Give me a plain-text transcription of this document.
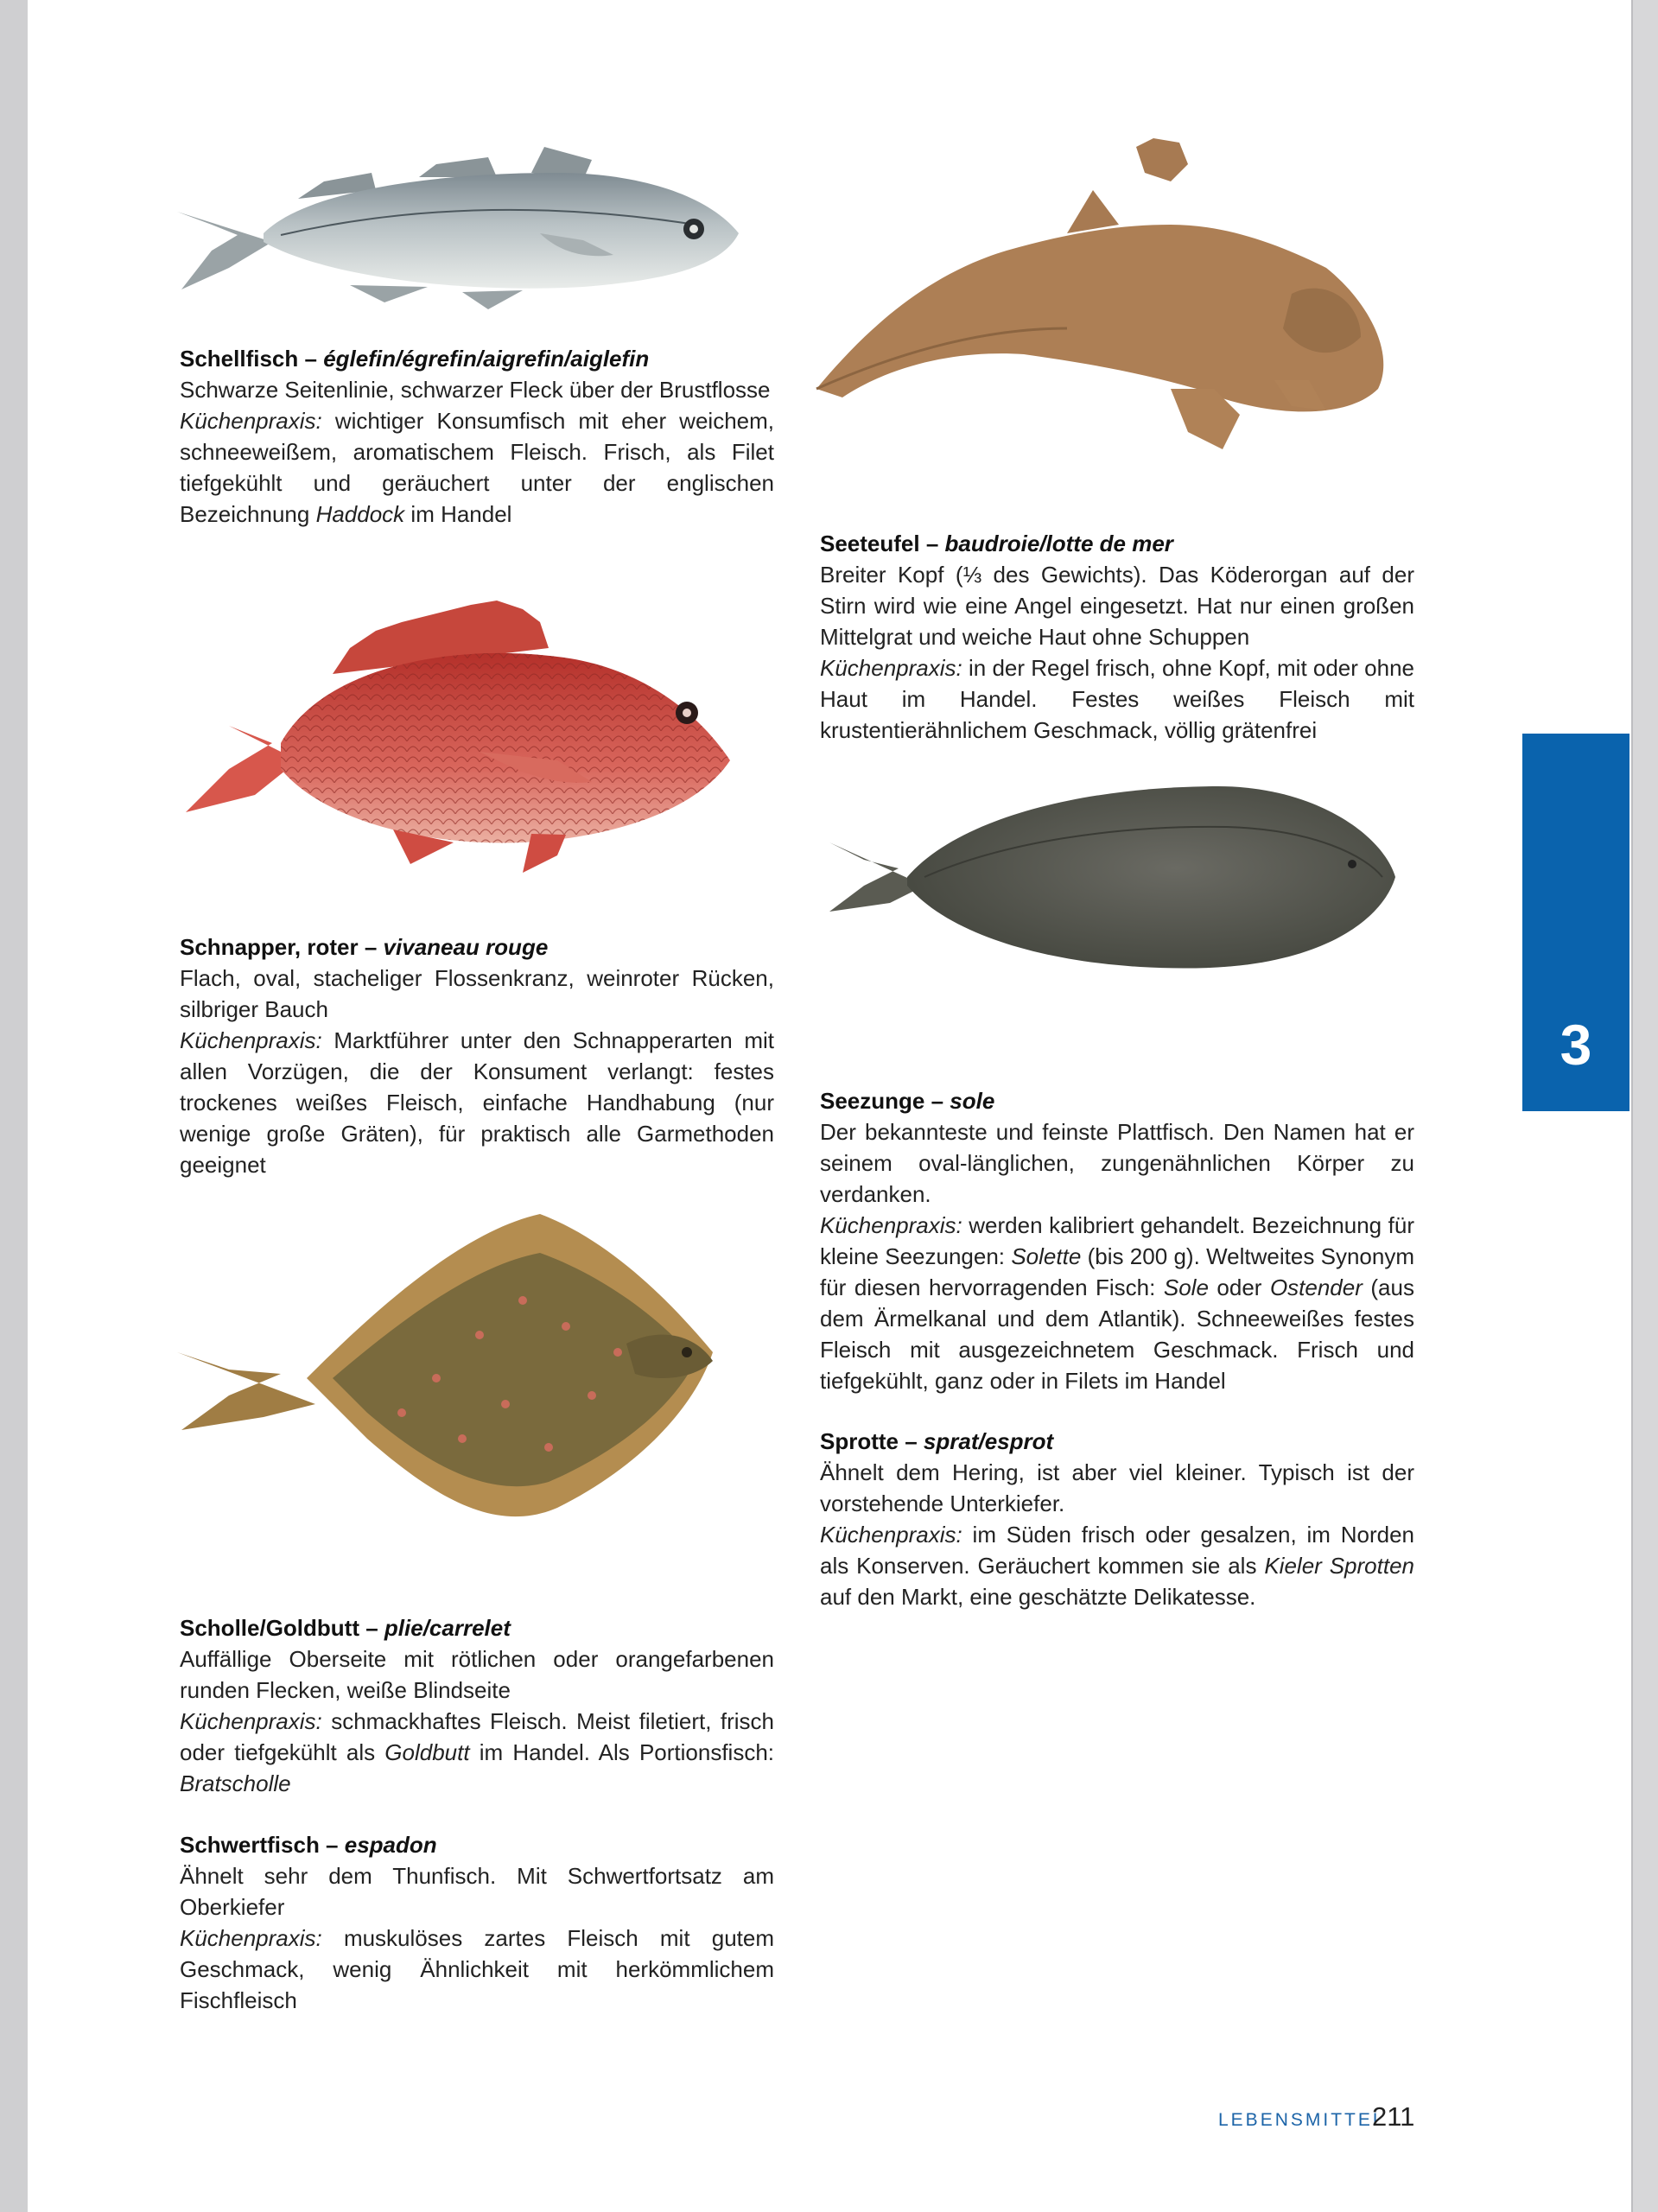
Schellfisch – églefin/égrefin/aigrefin/aiglefin

Schwarze Seitenlinie, schwarzer Fleck über der Brustflosse

Küchenpraxis: wichtiger Konsumfisch mit eher weichem, schneeweißem, aromatischem Fleisch. Frisch, als Filet tiefgekühlt und geräuchert unter der englischen Bezeichnung Haddock im Handel

Schnapper, roter – vivaneau rouge

Flach, oval, stacheliger Flossenkranz, weinroter Rücken, silbriger Bauch

Küchenpraxis: Marktführer unter den Schnapperarten mit allen Vorzügen, die der Konsument verlangt: festes trockenes weißes Fleisch, einfache Handhabung (nur wenige große Gräten), für praktisch alle Garmethoden geeignet

Scholle/Goldbutt – plie/carrelet

Auffällige Oberseite mit rötlichen oder orangefarbenen runden Flecken, weiße Blindseite

Küchenpraxis: schmackhaftes Fleisch. Meist filetiert, frisch oder tiefgekühlt als Goldbutt im Handel. Als Portionsfisch: Bratscholle

Schwertfisch – espadon

Ähnelt sehr dem Thunfisch. Mit Schwertfortsatz am Oberkiefer

Küchenpraxis: muskulöses zartes Fleisch mit gutem Geschmack, wenig Ähnlichkeit mit herkömmlichem Fischfleisch

Seeteufel – baudroie/lotte de mer

Breiter Kopf (⅓ des Gewichts). Das Köderorgan auf der Stirn wird wie eine Angel eingesetzt. Hat nur einen großen Mittelgrat und weiche Haut ohne Schuppen

Küchenpraxis: in der Regel frisch, ohne Kopf, mit oder ohne Haut im Handel. Festes weißes Fleisch mit krustentierähnlichem Geschmack, völlig grätenfrei

Seezunge – sole

Der bekannteste und feinste Plattfisch. Den Namen hat er seinem oval-länglichen, zungenähnlichen Körper zu verdanken.

Küchenpraxis: werden kalibriert gehandelt. Bezeichnung für kleine Seezungen: Solette (bis 200 g). Weltweites Synonym für diesen hervorragenden Fisch: Sole oder Ostender (aus dem Ärmelkanal und dem Atlantik). Schneeweißes festes Fleisch mit ausgezeichnetem Geschmack. Frisch und tiefgekühlt, ganz oder in Filets im Handel

Sprotte – sprat/esprot

Ähnelt dem Hering, ist aber viel kleiner. Typisch ist der vorstehende Unterkiefer.

Küchenpraxis: im Süden frisch oder gesalzen, im Norden als Konserven. Geräuchert kommen sie als Kieler Sprotten auf den Markt, eine geschätzte Delikatesse.

3
LEBENSMITTEL
211
